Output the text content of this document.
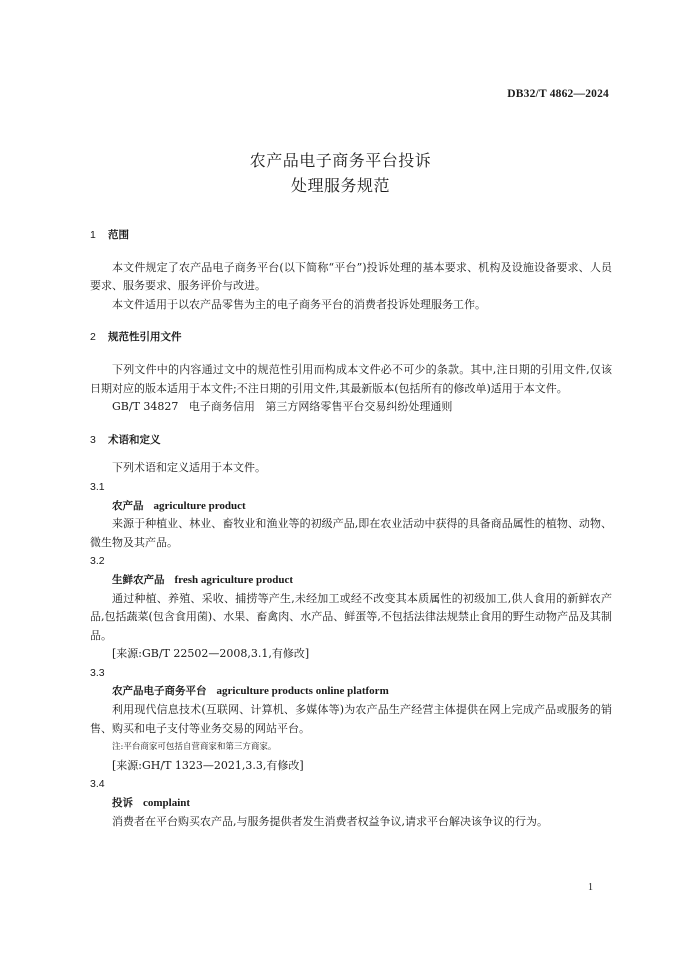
DB32/T 4862—2024
农产品电子商务平台投诉
处理服务规范

1 范围

本文件规定了农产品电子商务平台(以下简称“平台”)投诉处理的基本要求、机构及设施设备要求、人员要求、服务要求、服务评价与改进。

本文件适用于以农产品零售为主的电子商务平台的消费者投诉处理服务工作。

2 规范性引用文件

下列文件中的内容通过文中的规范性引用而构成本文件必不可少的条款。其中,注日期的引用文件,仅该日期对应的版本适用于本文件;不注日期的引用文件,其最新版本(包括所有的修改单)适用于本文件。

GB/T 34827   电子商务信用   第三方网络零售平台交易纠纷处理通则

3 术语和定义

下列术语和定义适用于本文件。

3.1

农产品 agriculture product

来源于种植业、林业、畜牧业和渔业等的初级产品,即在农业活动中获得的具备商品属性的植物、动物、微生物及其产品。

3.2

生鲜农产品 fresh agriculture product

通过种植、养殖、采收、捕捞等产生,未经加工或经不改变其本质属性的初级加工,供人食用的新鲜农产品,包括蔬菜(包含食用菌)、水果、畜禽肉、水产品、鲜蛋等,不包括法律法规禁止食用的野生动物产品及其制品。

[来源:GB/T 22502—2008,3.1,有修改]

3.3

农产品电子商务平台 agriculture products online platform

利用现代信息技术(互联网、计算机、多媒体等)为农产品生产经营主体提供在网上完成产品或服务的销售、购买和电子支付等业务交易的网站平台。

注:平台商家可包括自营商家和第三方商家。

[来源:GH/T 1323—2021,3.3,有修改]

3.4

投诉 complaint

消费者在平台购买农产品,与服务提供者发生消费者权益争议,请求平台解决该争议的行为。

1
